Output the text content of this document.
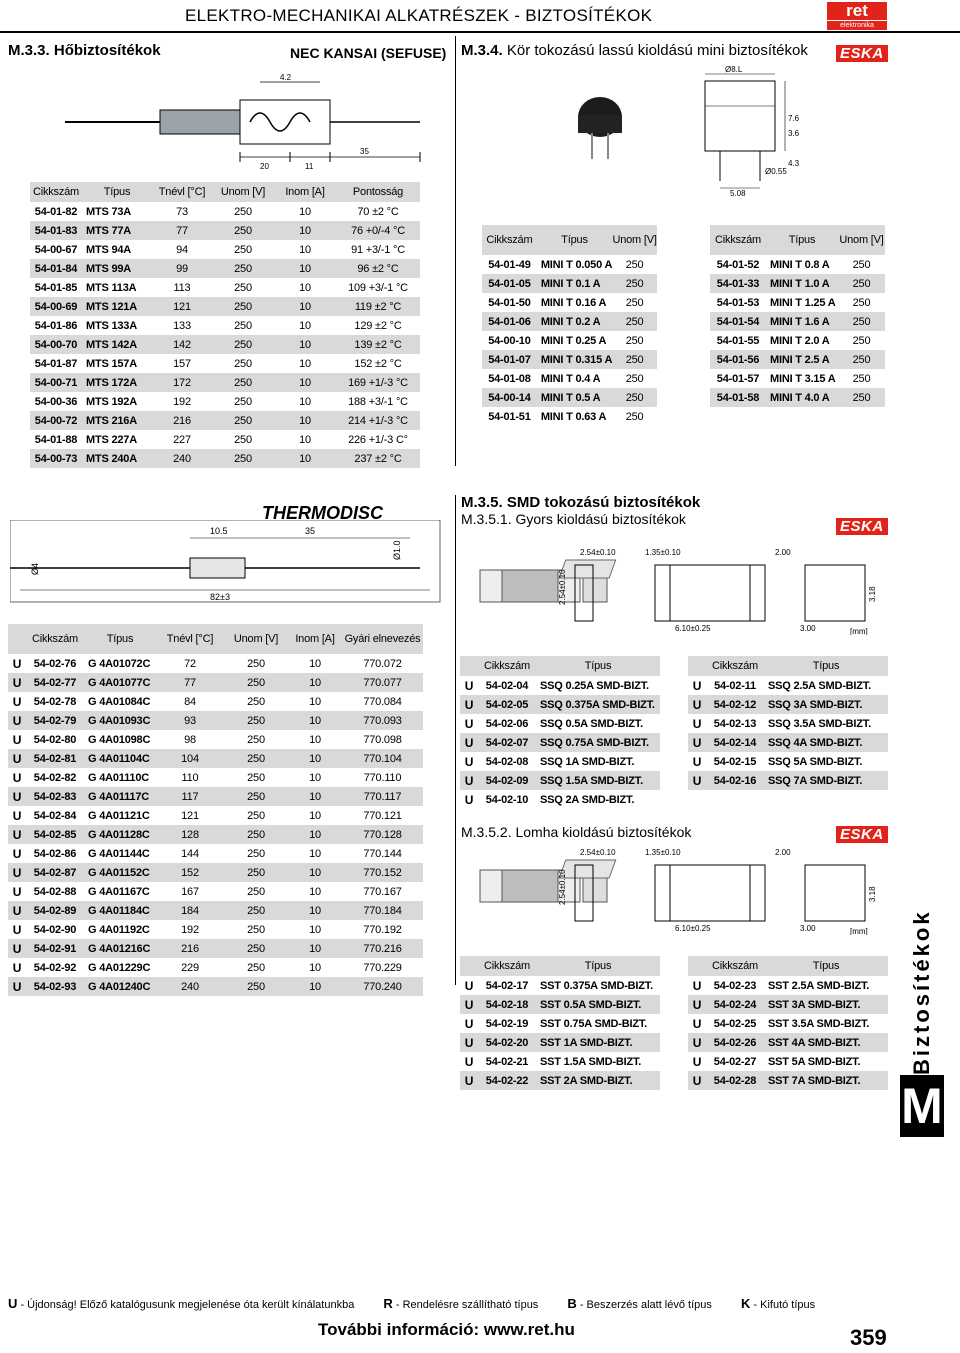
ELEKTRO-MECHANIKAI ALKATRÉSZEK - BIZTOSÍTÉKOK	ret
elektronika
M.3.3. Hőbiztosítékok	NEC KANSAI (SEFUSE)
4.2
35
20	11
Cikkszám	Típus	Tnévl [°C]	Unom [V]	Inom [A]	Pontosság
54-01-82	MTS 73A	73	250	10	70 ±2 °C
54-01-83	MTS 77A	77	250	10	76 +0/-4 °C
54-00-67	MTS 94A	94	250	10	91 +3/-1 °C
54-01-84	MTS 99A	99	250	10	96 ±2 °C
54-01-85	MTS 113A	113	250	10	109 +3/-1 °C
54-00-69	MTS 121A	121	250	10	119 ±2 °C
54-01-86	MTS 133A	133	250	10	129 ±2 °C
54-00-70	MTS 142A	142	250	10	139 ±2 °C
54-01-87	MTS 157A	157	250	10	152 ±2 °C
54-00-71	MTS 172A	172	250	10	169 +1/-3 °C
54-00-36	MTS 192A	192	250	10	188 +3/-1 °C
54-00-72	MTS 216A	216	250	10	214 +1/-3 °C
54-01-88	MTS 227A	227	250	10	226 +1/-3 C°
54-00-73	MTS 240A	240	250	10	237 ±2 °C
M.3.4. Kör tokozású lassú kioldású mini biztosítékok ESKA
Ø8.L
5.08
Ø0.55
7.6
3.6
4.3
Cikkszám	Típus	Unom [V]
54-01-49	MINI T 0.050 A	250
54-01-05	MINI T 0.1 A	250
54-01-50	MINI T 0.16 A	250
54-01-06	MINI T 0.2 A	250
54-00-10	MINI T 0.25 A	250
54-01-07	MINI T 0.315 A	250
54-01-08	MINI T 0.4 A	250
54-00-14	MINI T 0.5 A	250
54-01-51	MINI T 0.63 A	250
Cikkszám	Típus	Unom [V]
54-01-52	MINI T 0.8 A	250
54-01-33	MINI T 1.0 A	250
54-01-53	MINI T 1.25 A	250
54-01-54	MINI T 1.6 A	250
54-01-55	MINI T 2.0 A	250
54-01-56	MINI T 2.5 A	250
54-01-57	MINI T 3.15 A	250
54-01-58	MINI T 4.0 A	250
THERMODISC
10.5	35
Ø1.0
Ø4
82±3
	Cikkszám	Típus	Tnévl [°C]	Unom [V]	Inom [A]	Gyári elnevezés
U	54-02-76	G 4A01072C	72	250	10	770.072
U	54-02-77	G 4A01077C	77	250	10	770.077
U	54-02-78	G 4A01084C	84	250	10	770.084
U	54-02-79	G 4A01093C	93	250	10	770.093
U	54-02-80	G 4A01098C	98	250	10	770.098
U	54-02-81	G 4A01104C	104	250	10	770.104
U	54-02-82	G 4A01110C	110	250	10	770.110
U	54-02-83	G 4A01117C	117	250	10	770.117
U	54-02-84	G 4A01121C	121	250	10	770.121
U	54-02-85	G 4A01128C	128	250	10	770.128
U	54-02-86	G 4A01144C	144	250	10	770.144
U	54-02-87	G 4A01152C	152	250	10	770.152
U	54-02-88	G 4A01167C	167	250	10	770.167
U	54-02-89	G 4A01184C	184	250	10	770.184
U	54-02-90	G 4A01192C	192	250	10	770.192
U	54-02-91	G 4A01216C	216	250	10	770.216
U	54-02-92	G 4A01229C	229	250	10	770.229
U	54-02-93	G 4A01240C	240	250	10	770.240
M.3.5. SMD tokozású biztosítékok
M.3.5.1. Gyors kioldású biztosítékok	ESKA
2.54±0.10	1.35±0.10	2.00
2.54±0.10	3.18
6.10±0.25	3.00	[mm]
	Cikkszám	Típus
U	54-02-04	SSQ 0.25A SMD-BIZT.
U	54-02-05	SSQ 0.375A SMD-BIZT.
U	54-02-06	SSQ 0.5A SMD-BIZT.
U	54-02-07	SSQ 0.75A SMD-BIZT.
U	54-02-08	SSQ 1A SMD-BIZT.
U	54-02-09	SSQ 1.5A SMD-BIZT.
U	54-02-10	SSQ 2A SMD-BIZT.
	Cikkszám	Típus
U	54-02-11	SSQ 2.5A SMD-BIZT.
U	54-02-12	SSQ 3A SMD-BIZT.
U	54-02-13	SSQ 3.5A SMD-BIZT.
U	54-02-14	SSQ 4A SMD-BIZT.
U	54-02-15	SSQ 5A SMD-BIZT.
U	54-02-16	SSQ 7A SMD-BIZT.
M.3.5.2. Lomha kioldású biztosítékok	ESKA
2.54±0.10	1.35±0.10	2.00
2.54±0.10	3.18
6.10±0.25	3.00	[mm]
	Cikkszám	Típus
U	54-02-17	SST 0.375A SMD-BIZT.
U	54-02-18	SST 0.5A SMD-BIZT.
U	54-02-19	SST 0.75A SMD-BIZT.
U	54-02-20	SST 1A SMD-BIZT.
U	54-02-21	SST 1.5A SMD-BIZT.
U	54-02-22	SST 2A SMD-BIZT.
	Cikkszám	Típus
U	54-02-23	SST 2.5A SMD-BIZT.
U	54-02-24	SST 3A SMD-BIZT.
U	54-02-25	SST 3.5A SMD-BIZT.
U	54-02-26	SST 4A SMD-BIZT.
U	54-02-27	SST 5A SMD-BIZT.
U	54-02-28	SST 7A SMD-BIZT.
Biztosítékok
M
U - Újdonság! Előző katalógusunk megjelenése óta került kínálatunkba R - Rendelésre szállítható típus B - Beszerzés alatt lévő típus K - Kifutó típus
További információ: www.ret.hu	359
